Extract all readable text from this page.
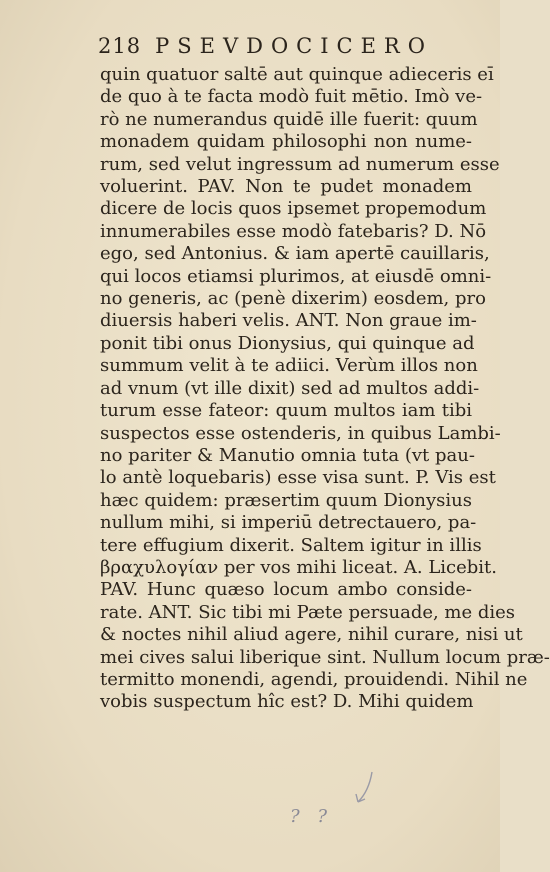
218 PSEVDOCICERO
quin quatuor saltē aut quinque adieceris eī
de quo à te facta modò fuit mētio. Imò ve-
rò ne numerandus quidē ille fuerit: quum
monadem quidam philosophi non nume-
rum, sed velut ingressum ad numerum esse
voluerint. PAV. Non te pudet monadem
dicere de locis quos ipsemet propemodum
innumerabiles esse modò fatebaris? D. Nō
ego, sed Antonius. & iam apertē cauillaris,
qui locos etiamsi plurimos, at eiusdē omni-
no generis, ac (penè dixerim) eosdem, pro
diuersis haberi velis. ANT. Non graue im-
ponit tibi onus Dionysius, qui quinque ad
summum velit à te adiici. Verùm illos non
ad vnum (vt ille dixit) sed ad multos addi-
turum esse fateor: quum multos iam tibi
suspectos esse ostenderis, in quibus Lambi-
no pariter & Manutio omnia tuta (vt pau-
lo antè loquebaris) esse visa sunt. P. Vis est
hæc quidem: præsertim quum Dionysius
nullum mihi, si imperiū detrectauero, pa-
tere effugium dixerit. Saltem igitur in illis
βραχυλογίαν per vos mihi liceat. A. Licebit.
PAV. Hunc quæso locum ambo conside-
rate. ANT. Sic tibi mi Pæte persuade, me dies
& noctes nihil aliud agere, nihil curare, nisi ut
mei cives salui liberique sint. Nullum locum præ-
termitto monendi, agendi, prouidendi. Nihil ne
vobis suspectum hîc est? D. Mihi quidem
? ?
